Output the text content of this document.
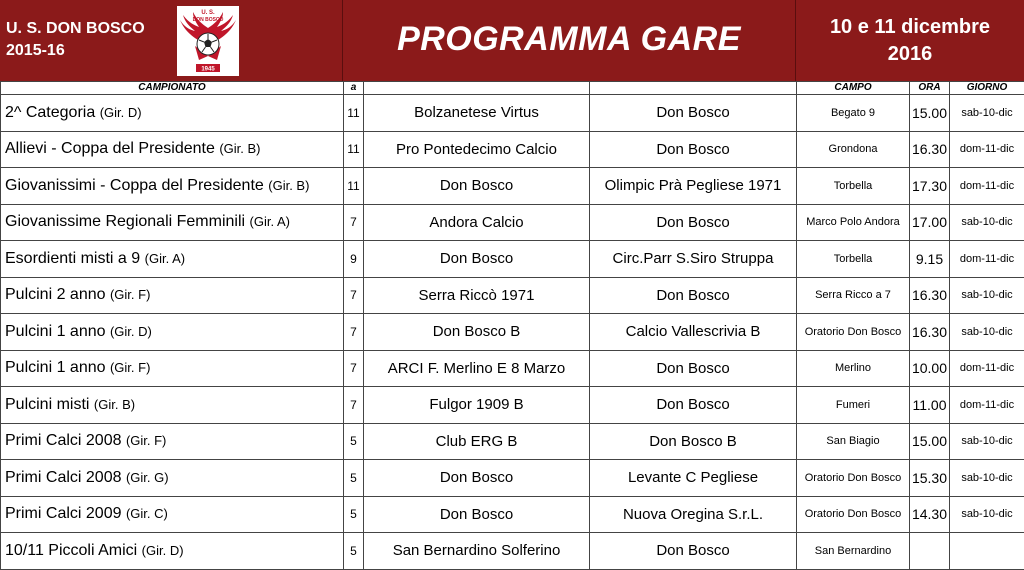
U. S. DON BOSCO
2015-16
U. S.
DON BOSCO
1945
PROGRAMMA GARE	10 e 11 dicembre
2016
CAMPIONATO	a			CAMPO	ORA	GIORNO
2^ Categoria (Gir. D)	11	Bolzanetese Virtus	Don Bosco	Begato 9	15.00	sab-10-dic
Allievi - Coppa del Presidente (Gir. B)	11	Pro Pontedecimo Calcio	Don Bosco	Grondona	16.30	dom-11-dic
Giovanissimi - Coppa del Presidente (Gir. B)	11	Don Bosco	Olimpic Prà Pegliese 1971	Torbella	17.30	dom-11-dic
Giovanissime Regionali Femminili (Gir. A)	7	Andora Calcio	Don Bosco	Marco Polo Andora	17.00	sab-10-dic
Esordienti misti a 9 (Gir. A)	9	Don Bosco	Circ.Parr S.Siro Struppa	Torbella	9.15	dom-11-dic
Pulcini 2 anno (Gir. F)	7	Serra Riccò 1971	Don Bosco	Serra Ricco a 7	16.30	sab-10-dic
Pulcini 1 anno (Gir. D)	7	Don Bosco B	Calcio Vallescrivia B	Oratorio Don Bosco	16.30	sab-10-dic
Pulcini 1 anno (Gir. F)	7	ARCI F. Merlino E 8 Marzo	Don Bosco	Merlino	10.00	dom-11-dic
Pulcini misti (Gir. B)	7	Fulgor 1909 B	Don Bosco	Fumeri	11.00	dom-11-dic
Primi Calci 2008 (Gir. F)	5	Club ERG B	Don Bosco B	San Biagio	15.00	sab-10-dic
Primi Calci 2008 (Gir. G)	5	Don Bosco	Levante C Pegliese	Oratorio Don Bosco	15.30	sab-10-dic
Primi Calci 2009 (Gir. C)	5	Don Bosco	Nuova Oregina S.r.L.	Oratorio Don Bosco	14.30	sab-10-dic
10/11 Piccoli Amici (Gir. D)	5	San Bernardino Solferino	Don Bosco	San Bernardino		
